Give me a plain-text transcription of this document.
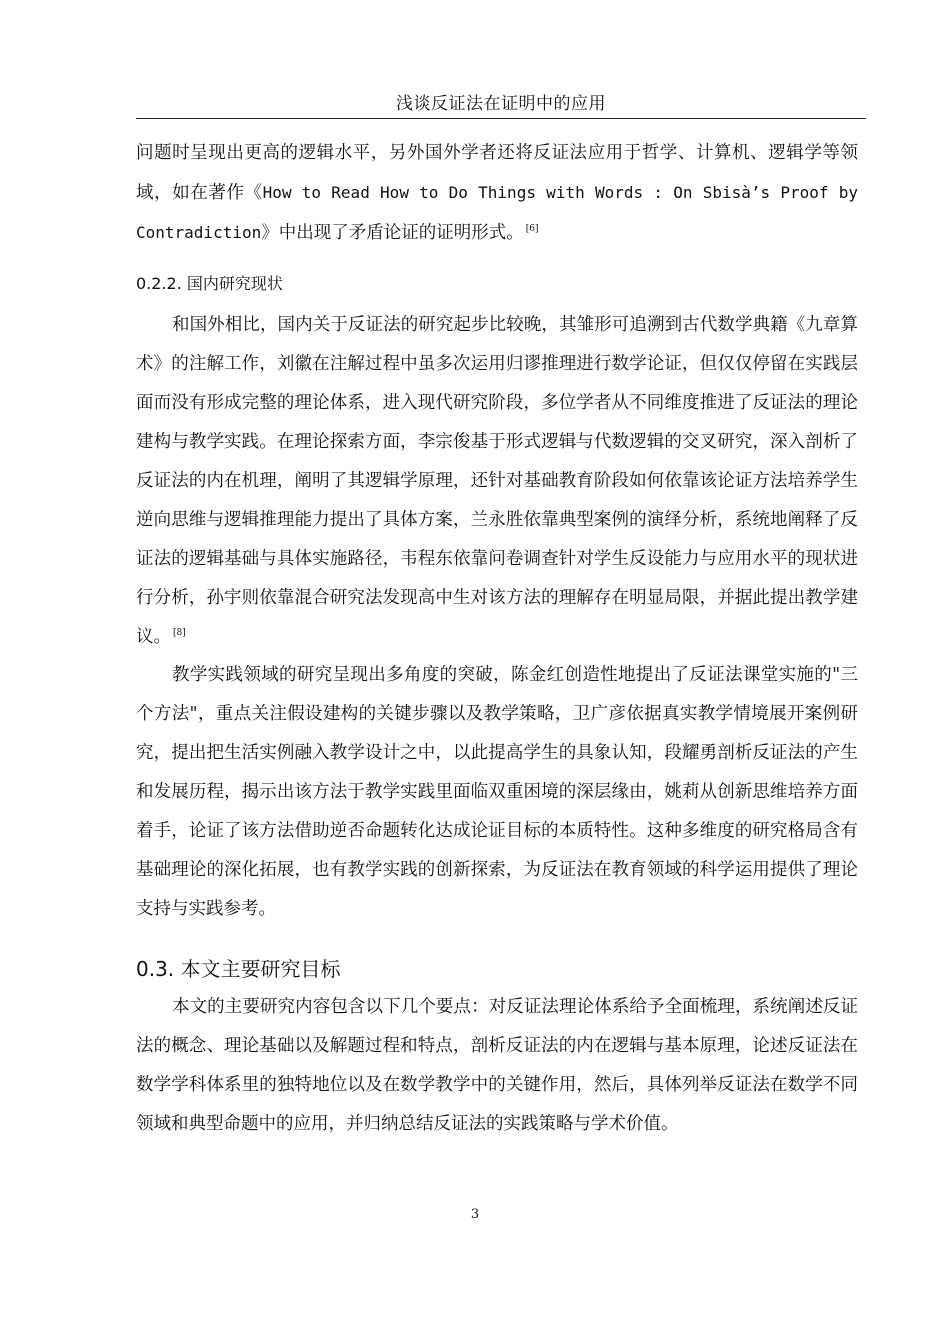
浅谈反证法在证明中的应用

问题时呈现出更高的逻辑水平，另外国外学者还将反证法应用于哲学、计算机、逻辑学等领域，如在著作《How to Read How to Do Things with Words : On Sbisà’s Proof by Contradiction》中出现了矛盾论证的证明形式。 [6]

0.2.2. 国内研究现状

和国外相比，国内关于反证法的研究起步比较晚，其雏形可追溯到古代数学典籍《九章算术》的注解工作，刘徽在注解过程中虽多次运用归谬推理进行数学论证，但仅仅停留在实践层面而没有形成完整的理论体系，进入现代研究阶段，多位学者从不同维度推进了反证法的理论建构与教学实践。在理论探索方面，李宗俊基于形式逻辑与代数逻辑的交叉研究，深入剖析了反证法的内在机理，阐明了其逻辑学原理，还针对基础教育阶段如何依靠该论证方法培养学生逆向思维与逻辑推理能力提出了具体方案，兰永胜依靠典型案例的演绎分析，系统地阐释了反证法的逻辑基础与具体实施路径，韦程东依靠问卷调查针对学生反设能力与应用水平的现状进行分析，孙宇则依靠混合研究法发现高中生对该方法的理解存在明显局限，并据此提出教学建议。 [8]

教学实践领域的研究呈现出多角度的突破，陈金红创造性地提出了反证法课堂实施的"三个方法"，重点关注假设建构的关键步骤以及教学策略，卫广彦依据真实教学情境展开案例研究，提出把生活实例融入教学设计之中，以此提高学生的具象认知，段耀勇剖析反证法的产生和发展历程，揭示出该方法于教学实践里面临双重困境的深层缘由，姚莉从创新思维培养方面着手，论证了该方法借助逆否命题转化达成论证目标的本质特性。这种多维度的研究格局含有基础理论的深化拓展，也有教学实践的创新探索，为反证法在教育领域的科学运用提供了理论支持与实践参考。

0.3. 本文主要研究目标

本文的主要研究内容包含以下几个要点：对反证法理论体系给予全面梳理，系统阐述反证法的概念、理论基础以及解题过程和特点，剖析反证法的内在逻辑与基本原理，论述反证法在数学学科体系里的独特地位以及在数学教学中的关键作用，然后，具体列举反证法在数学不同领域和典型命题中的应用，并归纳总结反证法的实践策略与学术价值。

3
